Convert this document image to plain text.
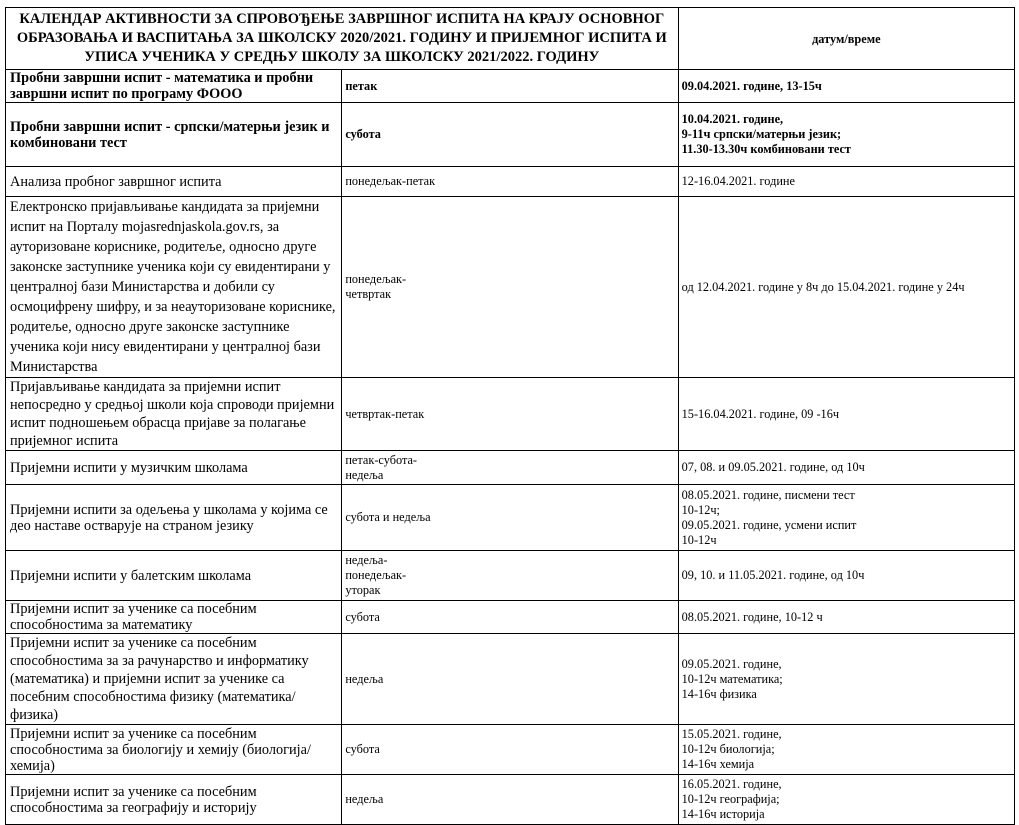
КАЛЕНДАР АКТИВНОСТИ ЗА СПРОВОЂЕЊЕ ЗАВРШНОГ ИСПИТА НА КРАЈУ ОСНОВНОГ ОБРАЗОВАЊА И ВАСПИТАЊА ЗА ШКОЛСКУ 2020/2021. ГОДИНУ И ПРИЈЕМНОГ ИСПИТА И УПИСА УЧЕНИКА У СРЕДЊУ ШКОЛУ ЗА ШКОЛСКУ 2021/2022. ГОДИНУ		датум/време
Пробни завршни испит - математика и пробни завршни испит по програму ФООО	петак	09.04.2021. године, 13-15ч
Пробни завршни испит - српски/матерњи језик и комбиновани тест	субота	10.04.2021. године,
9-11ч српски/матерњи језик;
11.30-13.30ч комбиновани тест
Анализа пробног завршног испита	понедељак-петак	12-16.04.2021. године
Електронско пријављивање кандидата за пријемни испит на Порталу mojasrednjaskola.gov.rs, за ауторизоване кориснике, родитеље, односно друге законске заступнике ученика који су евидентирани у централној бази Министарства и добили су осмоцифрену шифру, и за неауторизоване кориснике, родитеље, односно друге законске заступнике ученика који нису евидентирани у централној бази Министарства	понедељак-
четвртак	од 12.04.2021. године у 8ч до 15.04.2021. године у 24ч
Пријављивање кандидата за пријемни испит непосредно у средњој школи која спроводи пријемни испит подношењем обрасца пријаве за полагање пријемног испита	четвртак-петак	15-16.04.2021. године, 09 -16ч
Пријемни испити у музичким школама	петак-субота-
недеља	07, 08. и 09.05.2021. године, од 10ч
Пријемни испити за одељења у школама у којима се део наставе остварује на страном језику	субота и недеља	08.05.2021. године, писмени тест
10-12ч;
09.05.2021. године, усмени испит
10-12ч
Пријемни испити у балетским школама	недеља-
понедељак-
уторак	09, 10. и 11.05.2021. године, од 10ч
Пријемни испит за ученике са посебним способностима за математику	субота	08.05.2021. године, 10-12 ч
Пријемни испит за ученике са посебним способностима за за рачунарство и информатику (математика) и пријемни испит за ученике са посебним способностима физику (математика/физика)	недеља	09.05.2021. године,
10-12ч математика;
14-16ч физика
Пријемни испит за ученике са посебним способностима за биологију и хемију (биологија/хемија)	субота	15.05.2021. године,
10-12ч биологија;
14-16ч хемија
Пријемни испит за ученике са посебним способностима за географију и историју	недеља	16.05.2021. године,
10-12ч географија;
14-16ч историја
